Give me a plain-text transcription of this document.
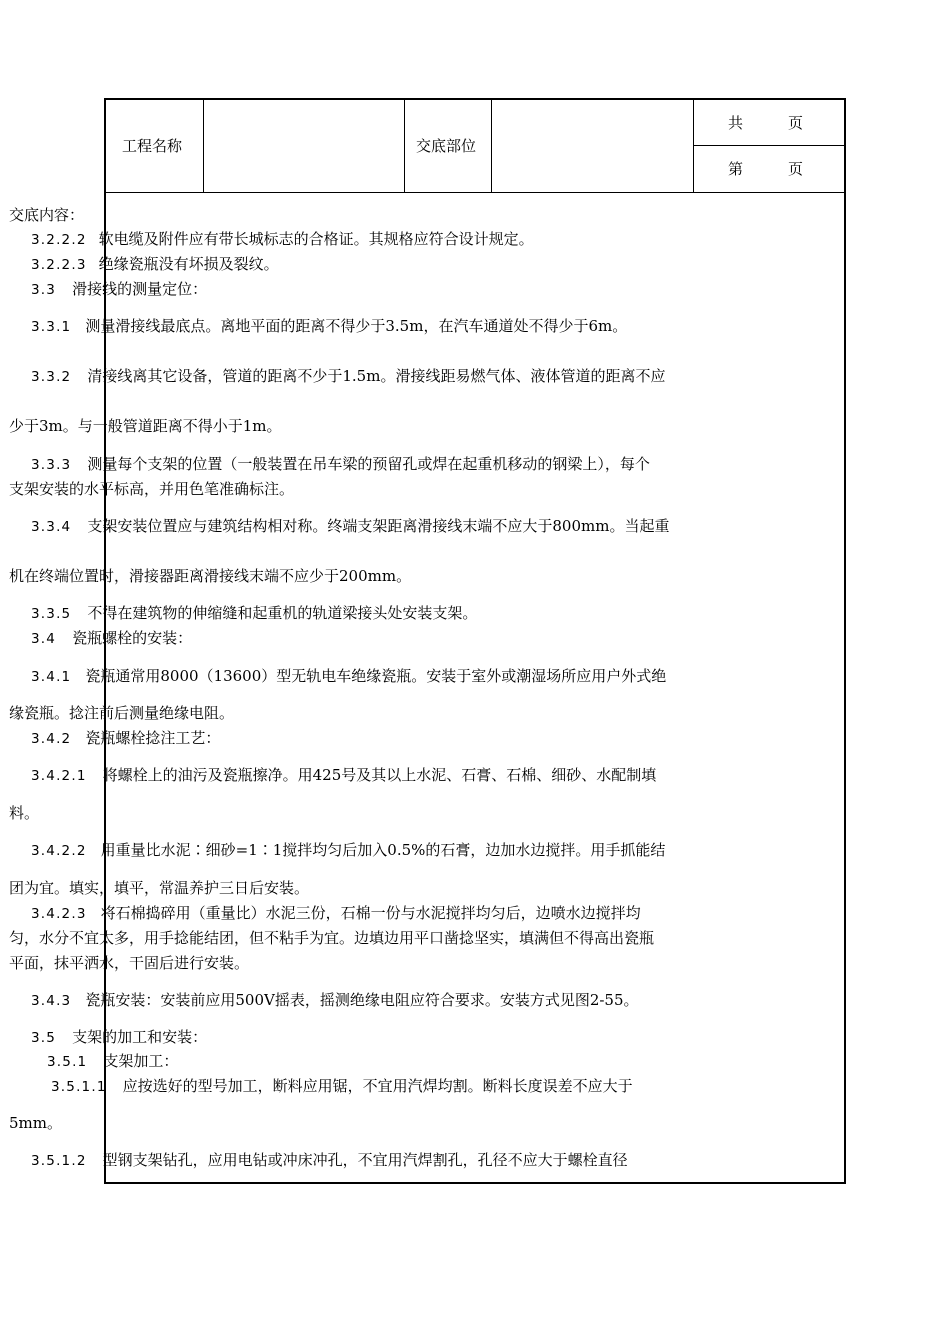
工程名称	交底部位
共　　　页
第　　　页
交底内容：
3.2.2.2 软电缆及附件应有带长城标志的合格证。其规格应符合设计规定。
3.2.2.3 绝缘瓷瓶没有坏损及裂纹。
3.3 滑接线的测量定位：
3.3.1 测量滑接线最底点。离地平面的距离不得少于3.5m，在汽车通道处不得少于6m。
3.3.2 清接线离其它设备，管道的距离不少于1.5m。滑接线距易燃气体、液体管道的距离不应
少于3m。与一般管道距离不得小于1m。
3.3.3 测量每个支架的位置（一般装置在吊车梁的预留孔或焊在起重机移动的钢梁上），每个
支架安装的水平标高，并用色笔准确标注。
3.3.4 支架安装位置应与建筑结构相对称。终端支架距离滑接线末端不应大于800mm。当起重
机在终端位置时，滑接器距离滑接线末端不应少于200mm。
3.3.5 不得在建筑物的伸缩缝和起重机的轨道梁接头处安装支架。
3.4 瓷瓶螺栓的安装：
3.4.1 瓷瓶通常用8000（13600）型无轨电车绝缘瓷瓶。安装于室外或潮湿场所应用户外式绝
缘瓷瓶。捻注前后测量绝缘电阻。
3.4.2 瓷瓶螺栓捻注工艺：
3.4.2.1 将螺栓上的油污及瓷瓶擦净。用425号及其以上水泥、石膏、石棉、细砂、水配制填
料。
3.4.2.2 用重量比水泥∶细砂=1∶1搅拌均匀后加入0.5%的石膏，边加水边搅拌。用手抓能结
团为宜。填实，填平，常温养护三日后安装。
3.4.2.3 将石棉捣碎用（重量比）水泥三份，石棉一份与水泥搅拌均匀后，边喷水边搅拌均
匀，水分不宜太多，用手捻能结团，但不粘手为宜。边填边用平口凿捻坚实，填满但不得高出瓷瓶
平面，抹平洒水，干固后进行安装。
3.4.3 瓷瓶安装：安装前应用500V摇表，摇测绝缘电阻应符合要求。安装方式见图2-55。
3.5 支架的加工和安装：
3.5.1 支架加工：
3.5.1.1 应按选好的型号加工，断料应用锯，不宜用汽焊均割。断料长度误差不应大于
5mm。
3.5.1.2 型钢支架钻孔，应用电钻或冲床冲孔，不宜用汽焊割孔，孔径不应大于螺栓直径
